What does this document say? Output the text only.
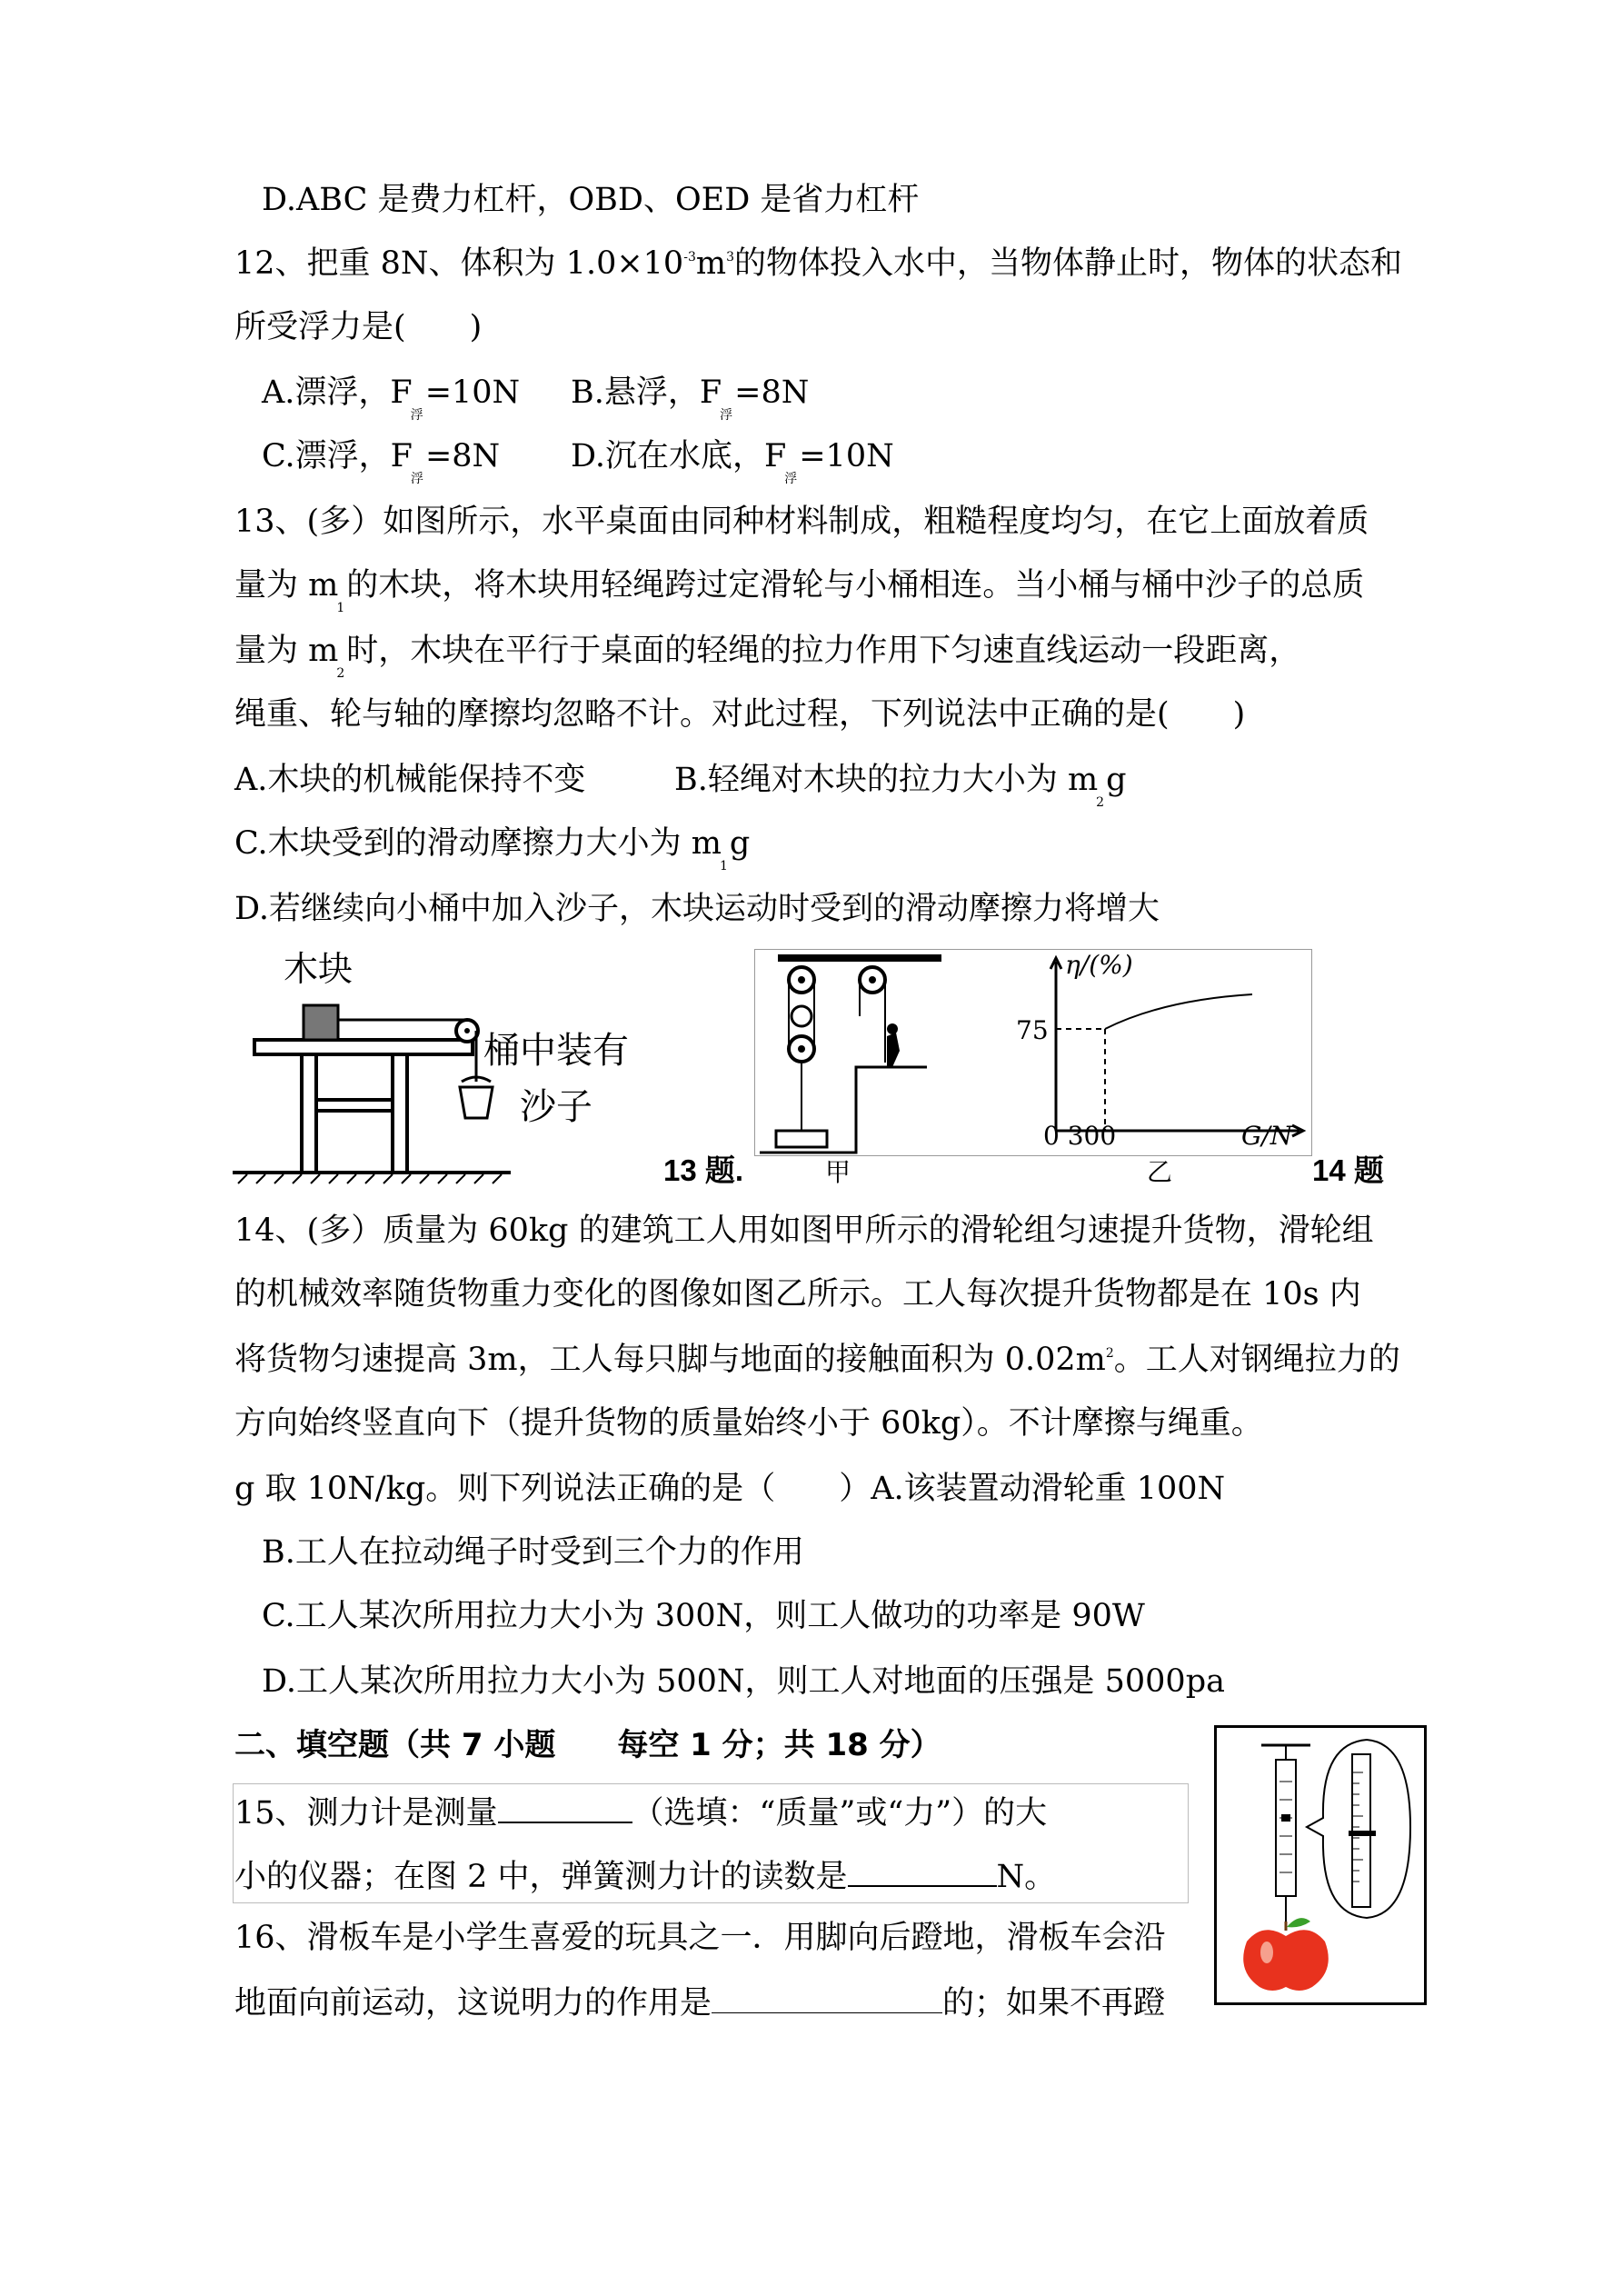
D.ABC 是费力杠杆，OBD、OED 是省力杠杆
12、把重 8N、体积为 $1.0\times 10^{-3}m^3$的物体投入水中，当物体静止时，物体的状态和
所受浮力是(　　)
A.漂浮，$F_浮=10N$ B.悬浮，$F_浮=8N$
C.漂浮，$F_浮=8N$ D.沉在水底，$F_浮=10N$
13、(多）如图所示，水平桌面由同种材料制成，粗糙程度均匀，在它上面放着质
量为 $m_1$的木块，将木块用轻绳跨过定滑轮与小桶相连。当小桶与桶中沙子的总质
量为 $m_2$时，木块在平行于桌面的轻绳的拉力作用下匀速直线运动一段距离，
绳重、轮与轴的摩擦均忽略不计。对此过程，下列说法中正确的是(　　)
A.木块的机械能保持不变	B.轻绳对木块的拉力大小为 $m_2g$
C.木块受到的滑动摩擦力大小为 $m_1g$
D.若继续向小桶中加入沙子，木块运动时受到的滑动摩擦力将增大
木块
桶中装有
沙子
13 题.
η/(%)
75
0 300	G/N
甲	乙	14 题
14、(多）质量为 60kg 的建筑工人用如图甲所示的滑轮组匀速提升货物，滑轮组
的机械效率随货物重力变化的图像如图乙所示。工人每次提升货物都是在 10s 内
将货物匀速提高 3m，工人每只脚与地面的接触面积为 $0.02m^2$。工人对钢绳拉力的
方向始终竖直向下（提升货物的质量始终小于 60kg）。不计摩擦与绳重。
g 取 10N/kg。则下列说法正确的是（　　）A.该装置动滑轮重 100N
B.工人在拉动绳子时受到三个力的作用
C.工人某次所用拉力大小为 300N，则工人做功的功率是 90W
D.工人某次所用拉力大小为 500N，则工人对地面的压强是 5000pa
二、填空题（共 7 小题　　每空 1 分；共 18 分）
15、测力计是测量	（选填：“质量”或“力”）的大
小的仪器；在图 2 中，弹簧测力计的读数是	N。
16、滑板车是小学生喜爱的玩具之一．用脚向后蹬地，滑板车会沿
地面向前运动，这说明力的作用是	的；如果不再蹬
